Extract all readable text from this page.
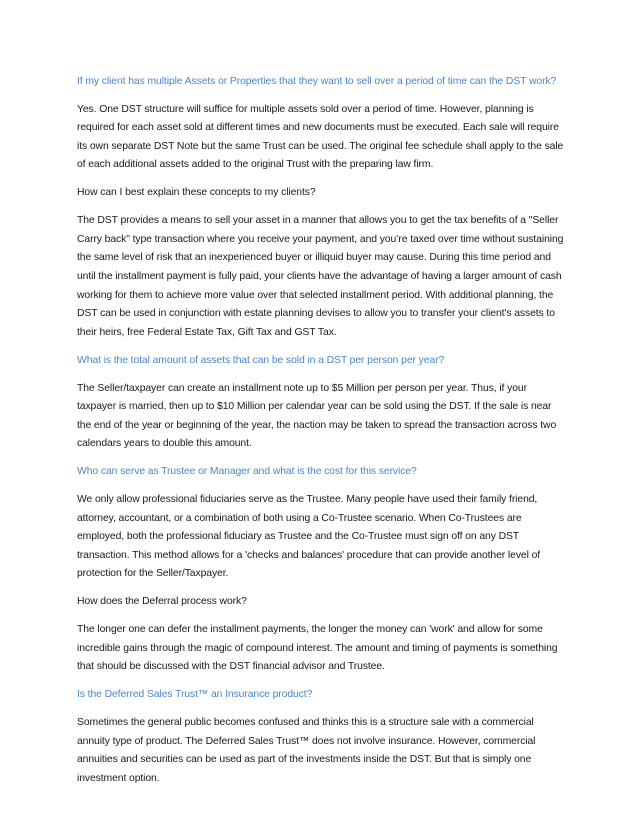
If my client has multiple Assets or Properties that they want to sell over a period of time can the DST work?

Yes. One DST structure will suffice for multiple assets sold over a period of time. However, planning is required for each asset sold at different times and new documents must be executed. Each sale will require its own separate DST Note but the same Trust can be used. The original fee schedule shall apply to the sale of each additional assets added to the original Trust with the preparing law firm.

How can I best explain these concepts to my clients?

The DST provides a means to sell your asset in a manner that allows you to get the tax benefits of a "Seller Carry back" type transaction where you receive your payment, and you’re taxed over time without sustaining the same level of risk that an inexperienced buyer or illiquid buyer may cause. During this time period and until the installment payment is fully paid, your clients have the advantage of having a larger amount of cash working for them to achieve more value over that selected installment period. With additional planning, the DST can be used in conjunction with estate planning devises to allow you to transfer your client's assets to their heirs, free Federal Estate Tax, Gift Tax and GST Tax.

What is the total amount of assets that can be sold in a DST per person per year?

The Seller/taxpayer can create an installment note up to $5 Million per person per year. Thus, if your taxpayer is married, then up to $10 Million per calendar year can be sold using the DST. If the sale is near the end of the year or beginning of the year, the naction may be taken to spread the transaction across two calendars years to double this amount.

Who can serve as Trustee or Manager and what is the cost for this service?

We only allow professional fiduciaries serve as the Trustee. Many people have used their family friend, attorney, accountant, or a combination of both using a Co-Trustee scenario. When Co-Trustees are employed, both the professional fiduciary as Trustee and the Co-Trustee must sign off on any DST transaction. This method allows for a 'checks and balances' procedure that can provide another level of protection for the Seller/Taxpayer.

How does the Deferral process work?

The longer one can defer the installment payments, the longer the money can 'work' and allow for some incredible gains through the magic of compound interest. The amount and timing of payments is something that should be discussed with the DST financial advisor and Trustee.

Is the Deferred Sales Trust™ an Insurance product?

Sometimes the general public becomes confused and thinks this is a structure sale with a commercial annuity type of product. The Deferred Sales Trust™ does not involve insurance. However, commercial annuities and securities can be used as part of the investments inside the DST. But that is simply one investment option.
